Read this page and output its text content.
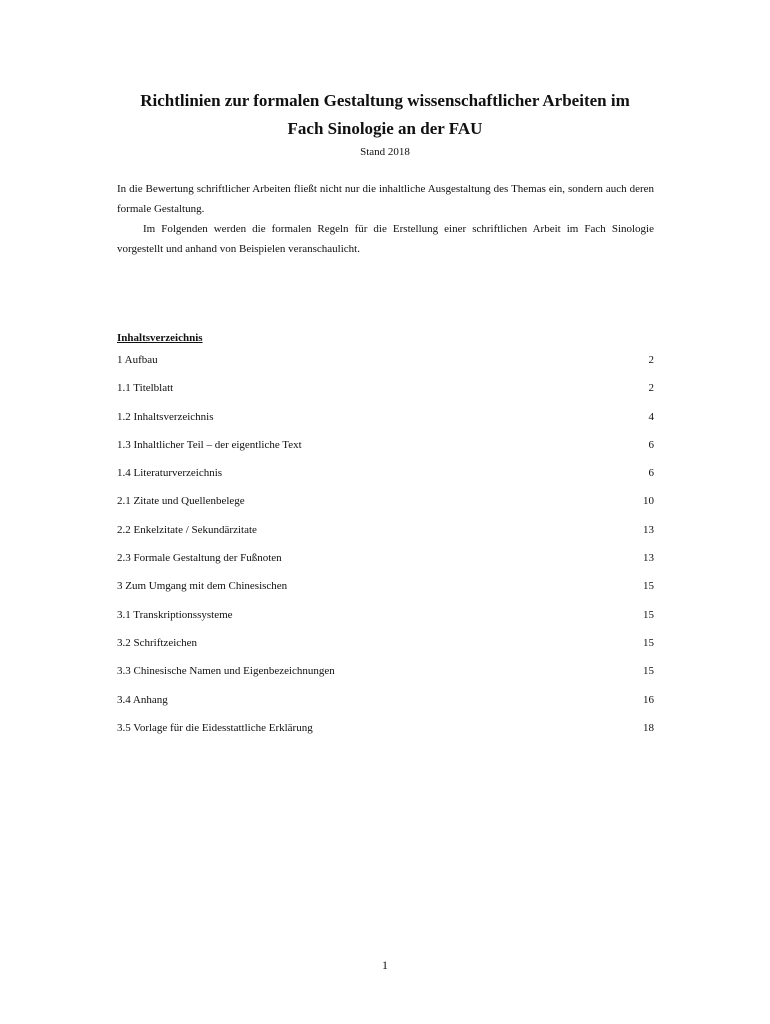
Richtlinien zur formalen Gestaltung wissenschaftlicher Arbeiten im
Fach Sinologie an der FAU
Stand 2018

In die Bewertung schriftlicher Arbeiten fließt nicht nur die inhaltliche Ausgestaltung des Themas ein, sondern auch deren formale Gestaltung.

Im Folgenden werden die formalen Regeln für die Erstellung einer schriftlichen Arbeit im Fach Sinologie vorgestellt und anhand von Beispielen veranschaulicht.

Inhaltsverzeichnis
1 Aufbau	2
1.1 Titelblatt	2
1.2 Inhaltsverzeichnis	4
1.3 Inhaltlicher Teil – der eigentliche Text	6
1.4 Literaturverzeichnis	6
2.1 Zitate und Quellenbelege	10
2.2 Enkelzitate / Sekundärzitate	13
2.3 Formale Gestaltung der Fußnoten	13
3 Zum Umgang mit dem Chinesischen	15
3.1 Transkriptionssysteme	15
3.2 Schriftzeichen	15
3.3 Chinesische Namen und Eigenbezeichnungen	15
3.4 Anhang	16
3.5 Vorlage für die Eidesstattliche Erklärung	18
1
